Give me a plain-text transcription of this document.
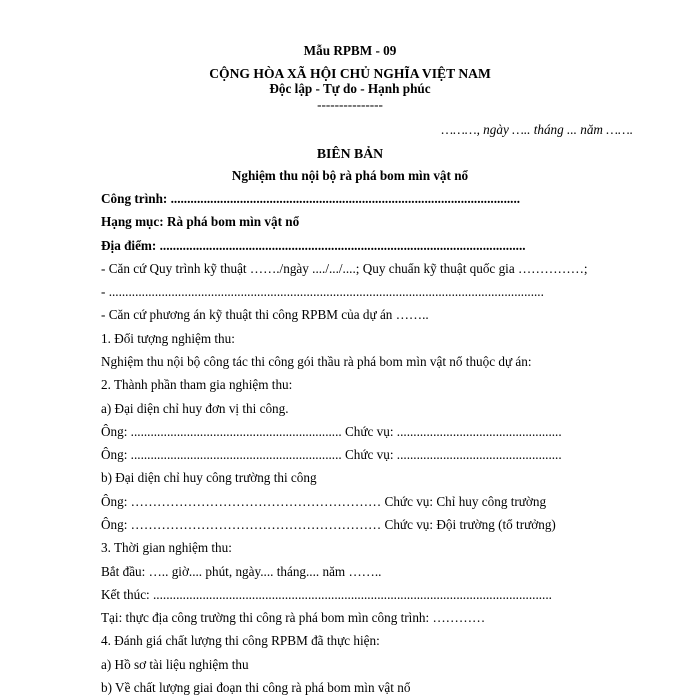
Mẫu RPBM - 09
CỘNG HÒA XÃ HỘI CHỦ NGHĨA VIỆT NAM
Độc lập - Tự do - Hạnh phúc
---------------
………, ngày ….. tháng ... năm …….
BIÊN BẢN
Nghiệm thu nội bộ rà phá bom mìn vật nổ
Công trình: ..........................................................................................................
Hạng mục: Rà phá bom mìn vật nổ
Địa điểm: ...............................................................................................................
- Căn cứ Quy trình kỹ thuật ……./ngày ..../.../....; Quy chuẩn kỹ thuật quốc gia ……………;
- ....................................................................................................................................
- Căn cứ phương án kỹ thuật thi công RPBM của dự án ……..
1. Đối tượng nghiệm thu:
Nghiệm thu nội bộ công tác thi công gói thầu rà phá bom mìn vật nổ thuộc dự án:
2. Thành phần tham gia nghiệm thu:
a) Đại diện chỉ huy đơn vị thi công.
Ông: ................................................................ Chức vụ: ..................................................
Ông: ................................................................ Chức vụ: ..................................................
b) Đại diện chỉ huy công trường thi công
Ông: ………………………………………………… Chức vụ: Chỉ huy công trường
Ông: ………………………………………………… Chức vụ: Đội trường (tổ trưởng)
3. Thời gian nghiệm thu:
Bắt đầu: ….. giờ.... phút, ngày.... tháng.... năm ……..
Kết thúc: .........................................................................................................................
Tại: thực địa công trường thi công rà phá bom mìn công trình: …………
4. Đánh giá chất lượng thi công RPBM đã thực hiện:
a) Hồ sơ tài liệu nghiệm thu
b) Về chất lượng giai đoạn thi công rà phá bom mìn vật nổ
